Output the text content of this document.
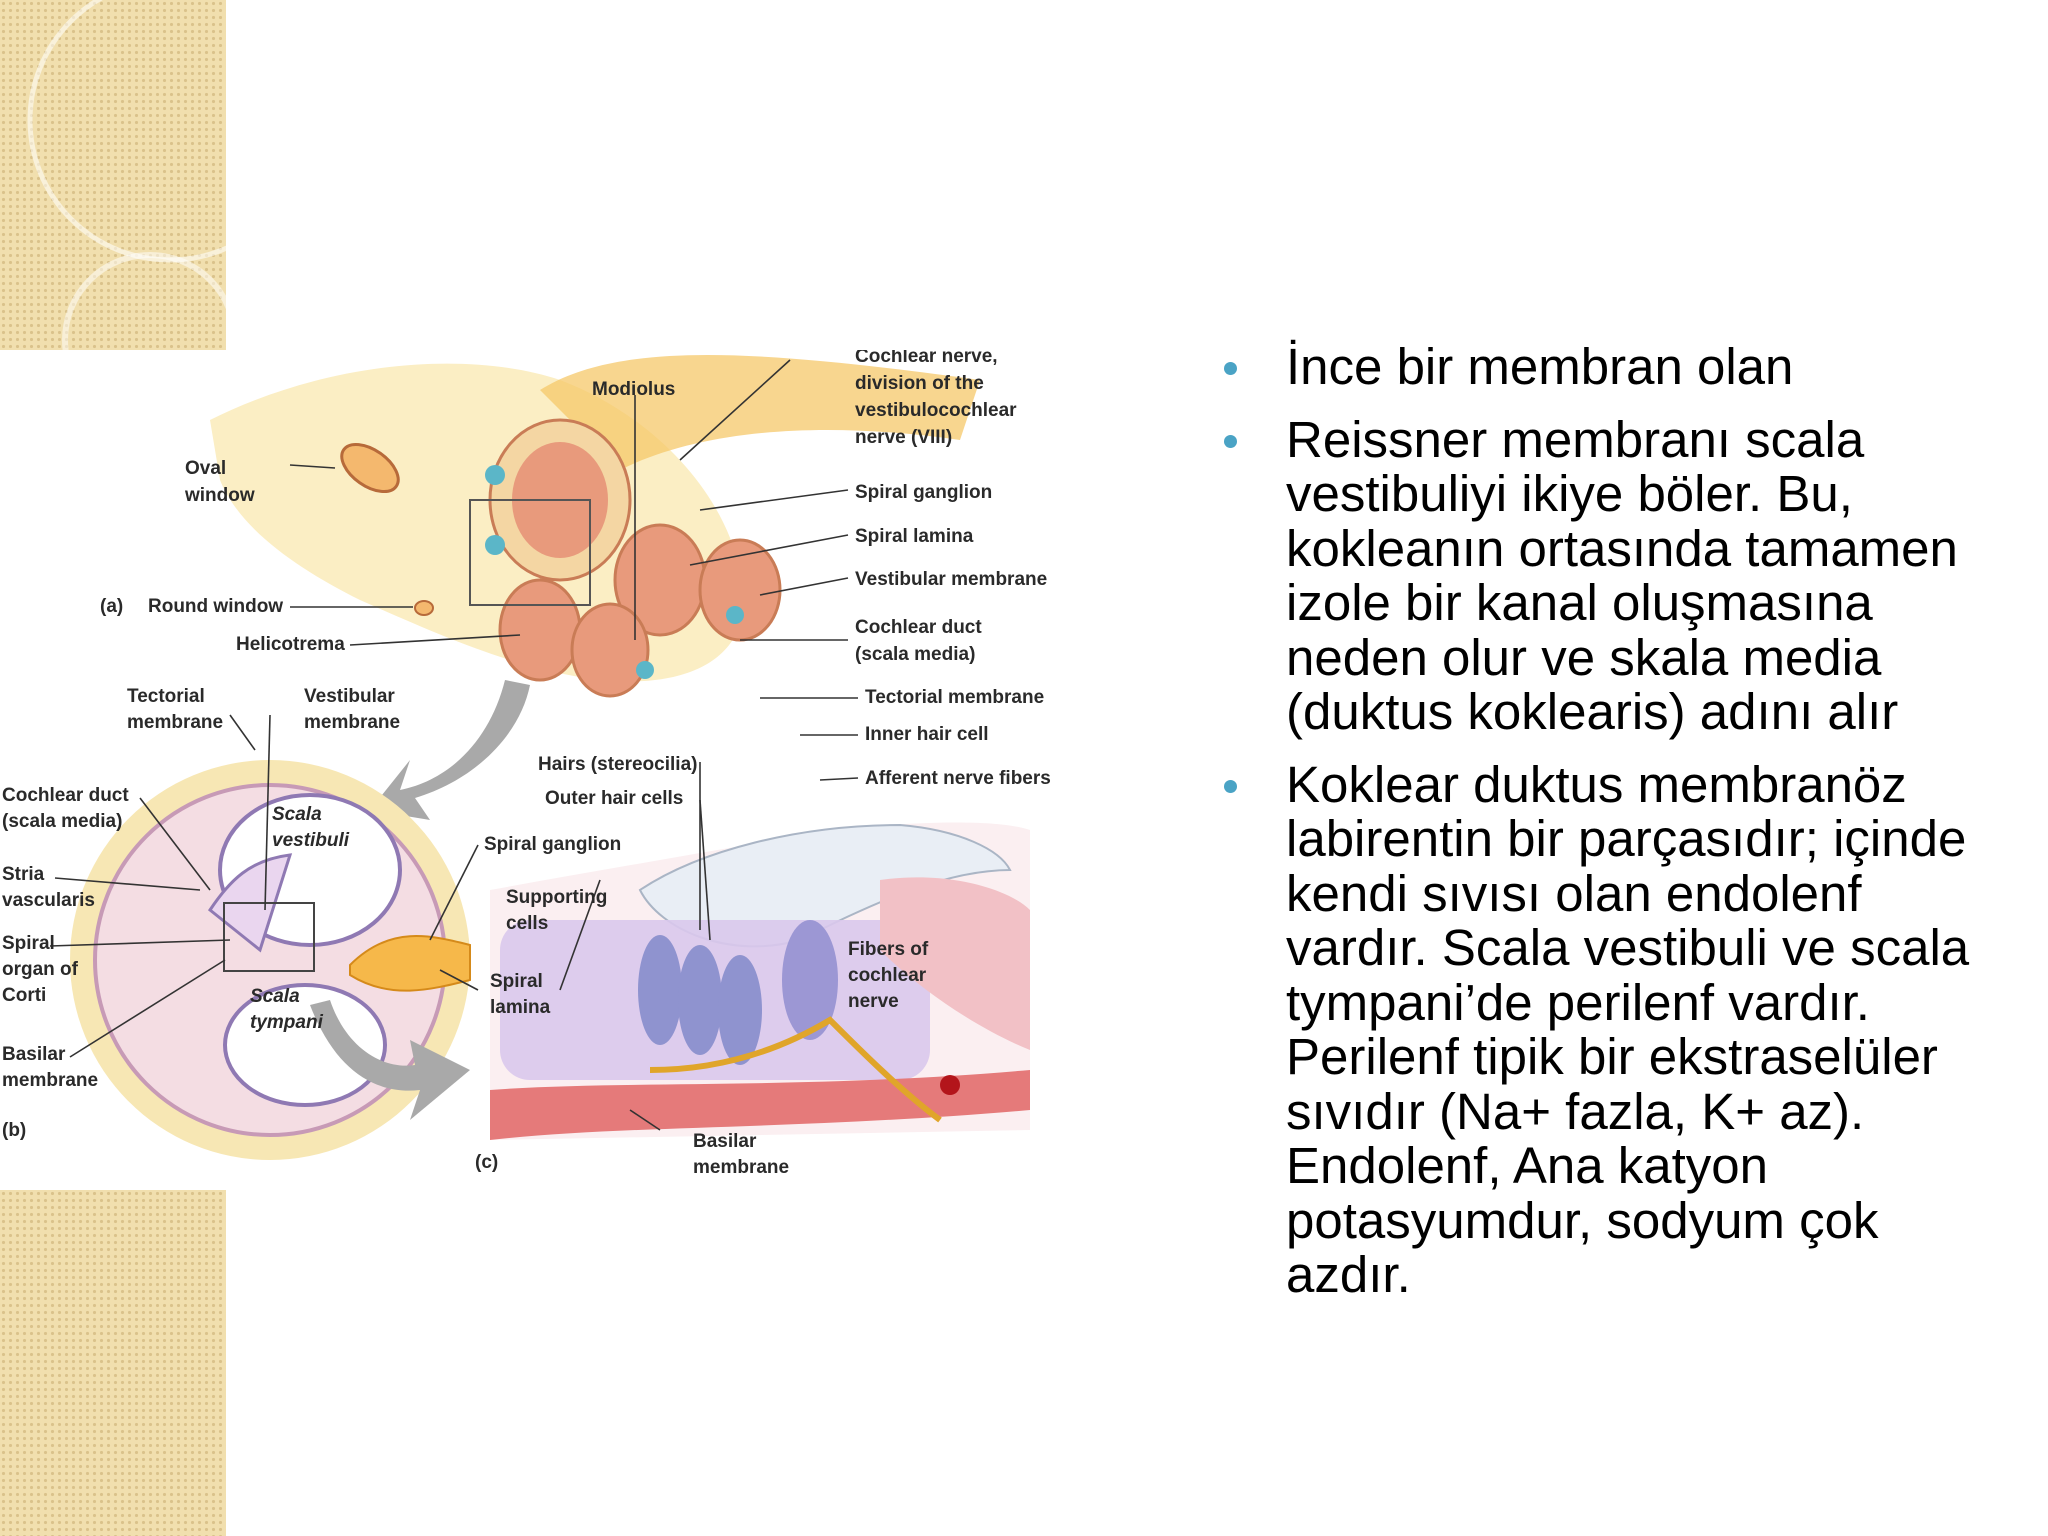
Modiolus
Cochlear nerve,
division of the
vestibulocochlear
nerve (VIII)
Oval
window	Spiral ganglion
Spiral lamina
Vestibular membrane
(a) Round window
Cochlear duct
(scala media)
Helicotrema
Tectorial
membrane
Vestibular
membrane
Cochlear duct
(scala media)	Scala
vestibuli
Stria
vascularis
Spiral
organ of
Corti	Scala
tympani
Basilar
membrane
(b)
Spiral ganglion
Spiral
lamina
Tectorial membrane
Inner hair cell
Afferent nerve fibers
Hairs (stereocilia)
Outer hair cells
Supporting
cells
Fibers of
cochlear
nerve
(c)
Basilar
membrane
İnce bir membran olan
Reissner membranı scala vestibuliyi ikiye böler. Bu, kokleanın ortasında tamamen izole bir kanal oluşmasına neden olur ve skala media (duktus koklearis) adını alır
Koklear duktus membranöz labirentin bir parçasıdır; içinde kendi sıvısı olan endolenf vardır. Scala vestibuli ve scala tympani’de perilenf vardır. Perilenf tipik bir ekstraselüler sıvıdır (Na+ fazla, K+ az). Endolenf, Ana katyon potasyumdur, sodyum çok azdır.
